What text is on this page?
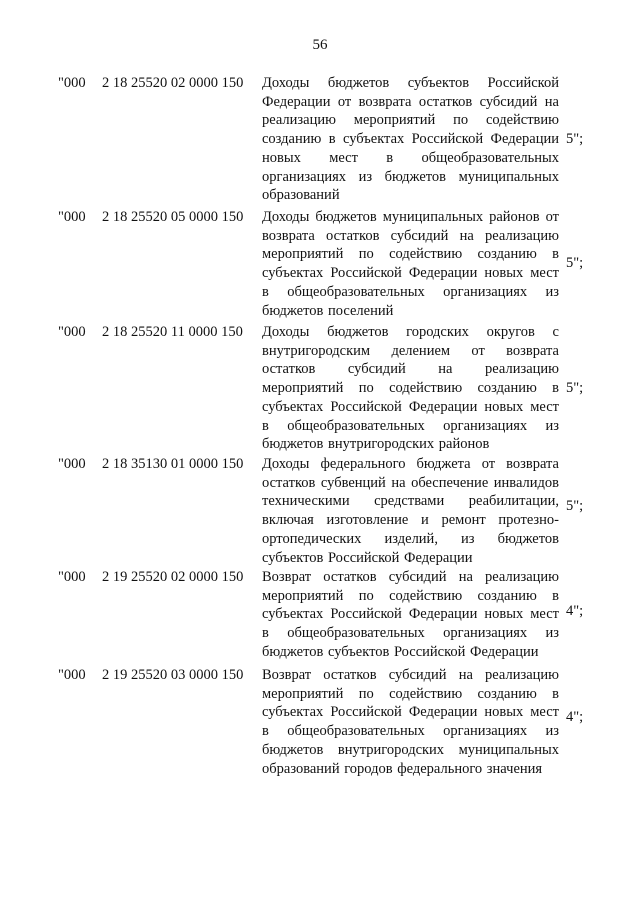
56
"000 2 18 25520 02 0000 150 Доходы бюджетов субъектов Российской Федерации от возврата остатков субсидий на реализацию мероприятий по содействию созданию в субъектах Российской Федерации новых мест в общеобразовательных организациях из бюджетов муниципальных образований
5";
"000 2 18 25520 05 0000 150 Доходы бюджетов муниципальных районов от возврата остатков субсидий на реализацию мероприятий по содействию созданию в субъектах Российской Федерации новых мест в общеобразовательных организациях из бюджетов поселений
5";
"000 2 18 25520 11 0000 150 Доходы бюджетов городских округов с внутригородским делением от возврата остатков субсидий на реализацию мероприятий по содействию созданию в субъектах Российской Федерации новых мест в общеобразовательных организациях из бюджетов внутригородских районов
5";
"000 2 18 35130 01 0000 150 Доходы федерального бюджета от возврата остатков субвенций на обеспечение инвалидов техническими средствами реабилитации, включая изготовление и ремонт протезно-ортопедических изделий, из бюджетов субъектов Российской Федерации
5";
"000 2 19 25520 02 0000 150 Возврат остатков субсидий на реализацию мероприятий по содействию созданию в субъектах Российской Федерации новых мест в общеобразовательных организациях из бюджетов субъектов Российской Федерации
4";
"000 2 19 25520 03 0000 150 Возврат остатков субсидий на реализацию мероприятий по содействию созданию в субъектах Российской Федерации новых мест в общеобразовательных организациях из бюджетов внутригородских муниципальных образований городов федерального значения
4";
